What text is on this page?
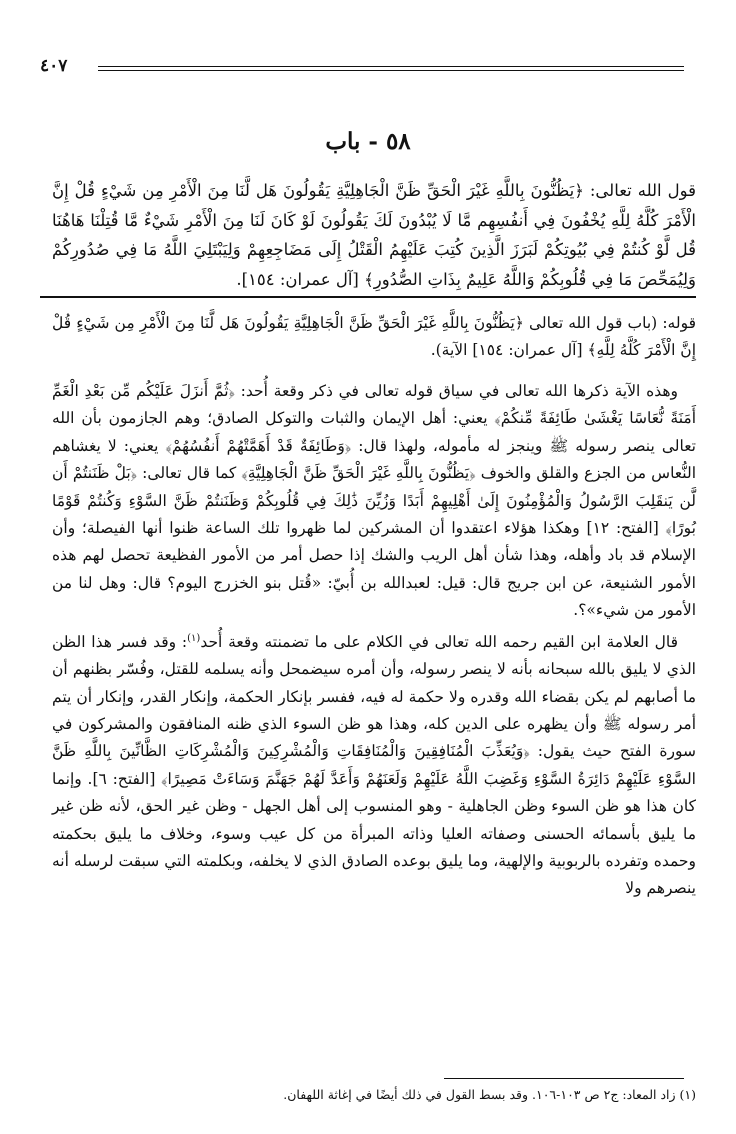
٤٠٧
٥٨ - باب

قول الله تعالى: ﴿يَظُنُّونَ بِاللَّهِ غَيْرَ الْحَقِّ ظَنَّ الْجَاهِلِيَّةِ يَقُولُونَ هَل لَّنَا مِنَ الْأَمْرِ مِن شَيْءٍ قُلْ إِنَّ الْأَمْرَ كُلَّهُ لِلَّهِ يُخْفُونَ فِي أَنفُسِهِم مَّا لَا يُبْدُونَ لَكَ يَقُولُونَ لَوْ كَانَ لَنَا مِنَ الْأَمْرِ شَيْءٌ مَّا قُتِلْنَا هَاهُنَا قُل لَّوْ كُنتُمْ فِي بُيُوتِكُمْ لَبَرَزَ الَّذِينَ كُتِبَ عَلَيْهِمُ الْقَتْلُ إِلَى مَضَاجِعِهِمْ وَلِيَبْتَلِيَ اللَّهُ مَا فِي صُدُورِكُمْ وَلِيُمَحِّصَ مَا فِي قُلُوبِكُمْ وَاللَّهُ عَلِيمٌ بِذَاتِ الصُّدُورِ﴾ [آل عمران: ١٥٤].

قوله: (باب قول الله تعالى ﴿يَظُنُّونَ بِاللَّهِ غَيْرَ الْحَقِّ ظَنَّ الْجَاهِلِيَّةِ يَقُولُونَ هَل لَّنَا مِنَ الْأَمْرِ مِن شَيْءٍ قُلْ إِنَّ الْأَمْرَ كُلَّهُ لِلَّهِ﴾ [آل عمران: ١٥٤] الآية).

وهذه الآية ذكرها الله تعالى في سياق قوله تعالى في ذكر وقعة أُحد: ﴿ثُمَّ أَنزَلَ عَلَيْكُم مِّن بَعْدِ الْغَمِّ أَمَنَةً نُّعَاسًا يَغْشَىٰ طَائِفَةً مِّنكُمْ﴾ يعني: أهل الإيمان والثبات والتوكل الصادق؛ وهم الجازمون بأن الله تعالى ينصر رسوله ﷺ وينجز له مأموله، ولهذا قال: ﴿وَطَائِفَةٌ قَدْ أَهَمَّتْهُمْ أَنفُسُهُمْ﴾ يعني: لا يغشاهم النُّعاس من الجزع والقلق والخوف ﴿يَظُنُّونَ بِاللَّهِ غَيْرَ الْحَقِّ ظَنَّ الْجَاهِلِيَّةِ﴾ كما قال تعالى: ﴿بَلْ ظَنَنتُمْ أَن لَّن يَنقَلِبَ الرَّسُولُ وَالْمُؤْمِنُونَ إِلَىٰ أَهْلِيهِمْ أَبَدًا وَزُيِّنَ ذَٰلِكَ فِي قُلُوبِكُمْ وَظَنَنتُمْ ظَنَّ السَّوْءِ وَكُنتُمْ قَوْمًا بُورًا﴾ [الفتح: ١٢] وهكذا هؤلاء اعتقدوا أن المشركين لما ظهروا تلك الساعة ظنوا أنها الفيصلة؛ وأن الإسلام قد باد وأهله، وهذا شأن أهل الريب والشك إذا حصل أمر من الأمور الفظيعة تحصل لهم هذه الأمور الشنيعة، عن ابن جريج قال: قيل: لعبدالله بن أُبيّ: «قُتل بنو الخزرج اليوم؟ قال: وهل لنا من الأمور من شيء»؟.

قال العلامة ابن القيم رحمه الله تعالى في الكلام على ما تضمنته وقعة أُحد$^{(١)}$: وقد فسر هذا الظن الذي لا يليق بالله سبحانه بأنه لا ينصر رسوله، وأن أمره سيضمحل وأنه يسلمه للقتل، وفُسّر بظنهم أن ما أصابهم لم يكن بقضاء الله وقدره ولا حكمة له فيه، ففسر بإنكار الحكمة، وإنكار القدر، وإنكار أن يتم أمر رسوله ﷺ وأن يظهره على الدين كله، وهذا هو ظن السوء الذي ظنه المنافقون والمشركون في سورة الفتح حيث يقول: ﴿وَيُعَذِّبَ الْمُنَافِقِينَ وَالْمُنَافِقَاتِ وَالْمُشْرِكِينَ وَالْمُشْرِكَاتِ الظَّانِّينَ بِاللَّهِ ظَنَّ السَّوْءِ عَلَيْهِمْ دَائِرَةُ السَّوْءِ وَغَضِبَ اللَّهُ عَلَيْهِمْ وَلَعَنَهُمْ وَأَعَدَّ لَهُمْ جَهَنَّمَ وَسَاءَتْ مَصِيرًا﴾ [الفتح: ٦]. وإنما كان هذا هو ظن السوء وظن الجاهلية - وهو المنسوب إلى أهل الجهل - وظن غير الحق، لأنه ظن غير ما يليق بأسمائه الحسنى وصفاته العليا وذاته المبرأة من كل عيب وسوء، وخلاف ما يليق بحكمته وحمده وتفرده بالربوبية والإلهية، وما يليق بوعده الصادق الذي لا يخلفه، وبكلمته التي سبقت لرسله أنه ينصرهم ولا

(١) زاد المعاد: ج٢ ص ١٠٣-١٠٦. وقد بسط القول في ذلك أيضًا في إغاثة اللهفان.
